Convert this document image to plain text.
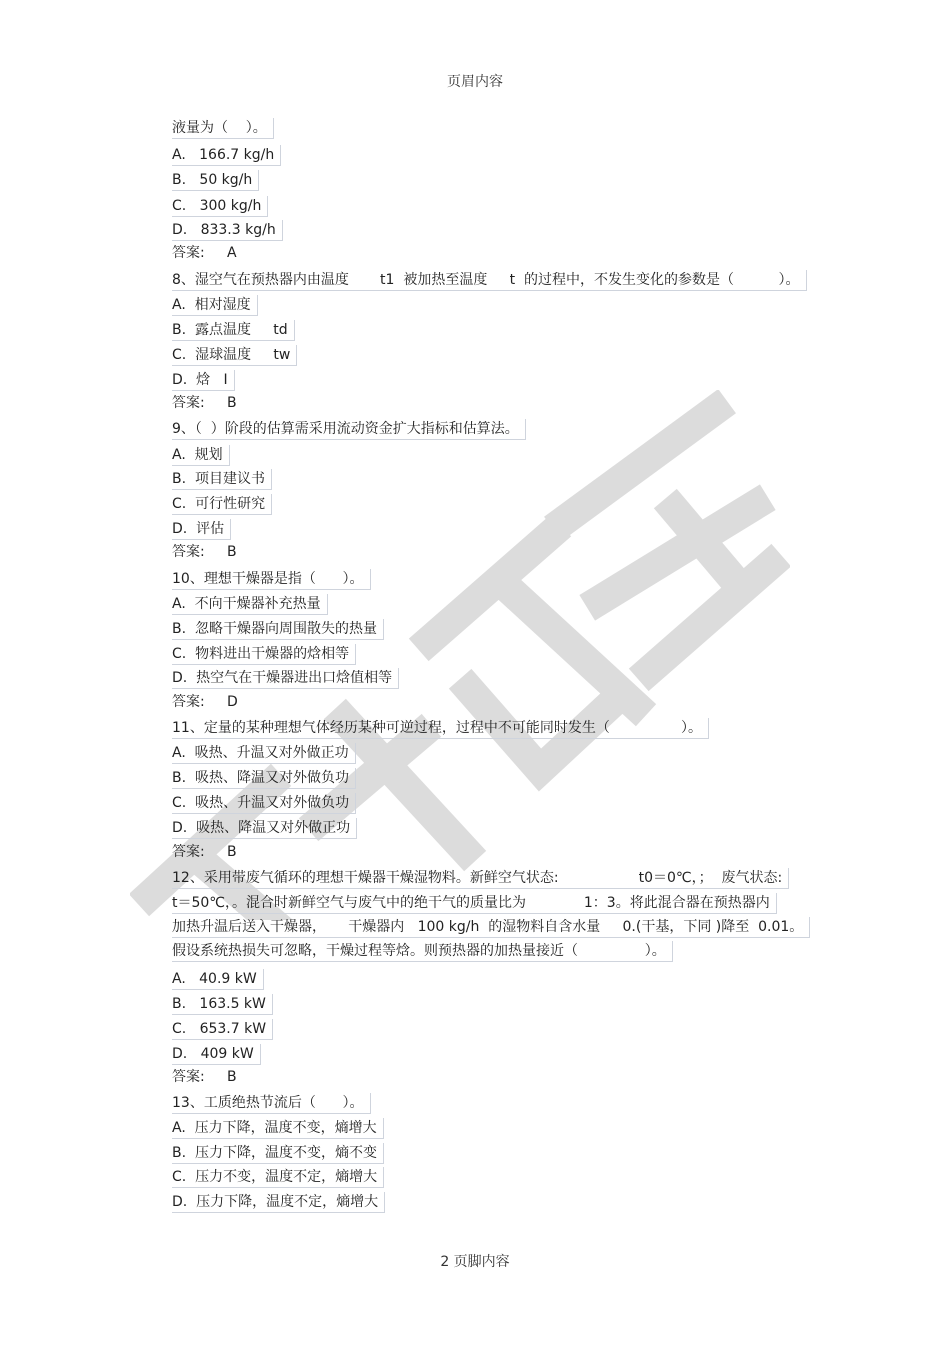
页眉内容
液量为（    ）。
A.   166.7 kg/h
B.   50 kg/h
C.   300 kg/h
D.   833.3 kg/h
答案:     A
8、湿空气在预热器内由温度       t1  被加热至温度     t  的过程中，不发生变化的参数是（          ）。
A.  相对湿度
B.  露点温度     td
C.  湿球温度     tw
D.  焓   I
答案:     B
9、（  ）阶段的估算需采用流动资金扩大指标和估算法。
A.  规划
B.  项目建议书
C.  可行性研究
D.  评估
答案:     B
10、理想干燥器是指（      ）。
A.  不向干燥器补充热量
B.  忽略干燥器向周围散失的热量
C.  物料进出干燥器的焓相等
D.  热空气在干燥器进出口焓值相等
答案:     D
11、定量的某种理想气体经历某种可逆过程，过程中不可能同时发生（                ）。
A.  吸热、升温又对外做正功
B.  吸热、降温又对外做负功
C.  吸热、升温又对外做负功
D.  吸热、降温又对外做正功
答案:     B
12、采用带废气循环的理想干燥器干燥湿物料。新鲜空气状态:                  t0＝0℃，；  废气状态:
t＝50℃，。混合时新鲜空气与废气中的绝干气的质量比为             1：3。将此混合器在预热器内
加热升温后送入干燥器，     干燥器内   100 kg/h  的湿物料自含水量     0.(干基，下同 )降至  0.01。
假设系统热损失可忽略，干燥过程等焓。则预热器的加热量接近（               ）。
A.   40.9 kW
B.   163.5 kW
C.   653.7 kW
D.   409 kW
答案:     B
13、工质绝热节流后（      ）。
A.  压力下降，温度不变，熵增大
B.  压力下降，温度不变，熵不变
C.  压力不变，温度不定，熵增大
D.  压力下降，温度不定，熵增大
2 页脚内容
